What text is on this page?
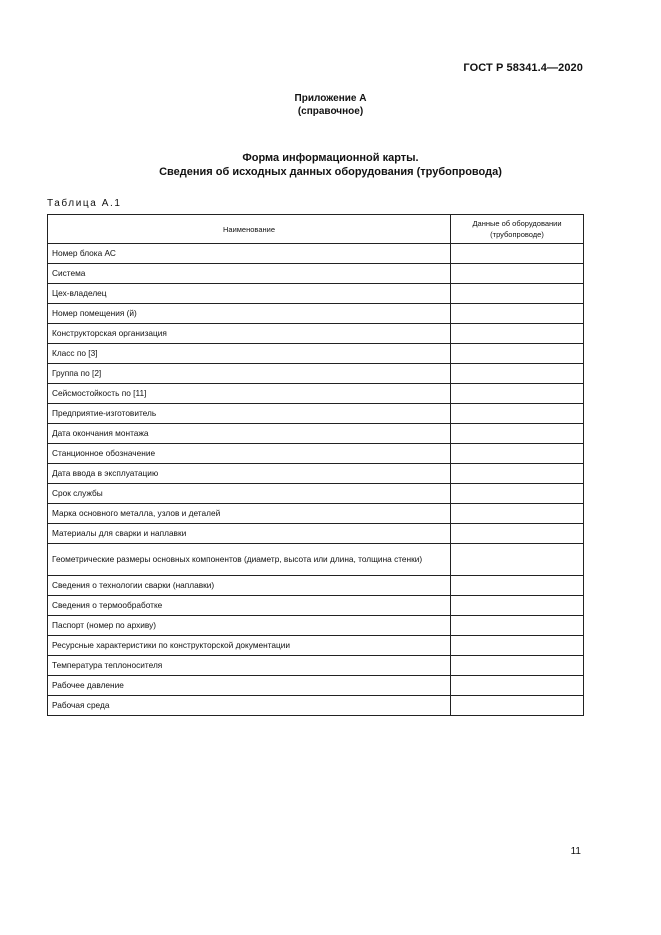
ГОСТ Р 58341.4—2020
Приложение А
(справочное)
Форма информационной карты.
Сведения об исходных данных оборудования (трубопровода)
Таблица А.1
Наименование	Данные об оборудовании (трубопроводе)
Номер блока АС	
Система	
Цех-владелец	
Номер помещения (й)	
Конструкторская организация	
Класс по [3]	
Группа по [2]	
Сейсмостойкость по [11]	
Предприятие-изготовитель	
Дата окончания монтажа	
Станционное обозначение	
Дата ввода в эксплуатацию	
Срок службы	
Марка основного металла, узлов и деталей	
Материалы для сварки и наплавки	
Геометрические размеры основных компонентов (диаметр, высота или длина, толщина стенки)	
Сведения о технологии сварки (наплавки)	
Сведения о термообработке	
Паспорт (номер по архиву)	
Ресурсные характеристики по конструкторской документации	
Температура теплоносителя	
Рабочее давление	
Рабочая среда	
11
